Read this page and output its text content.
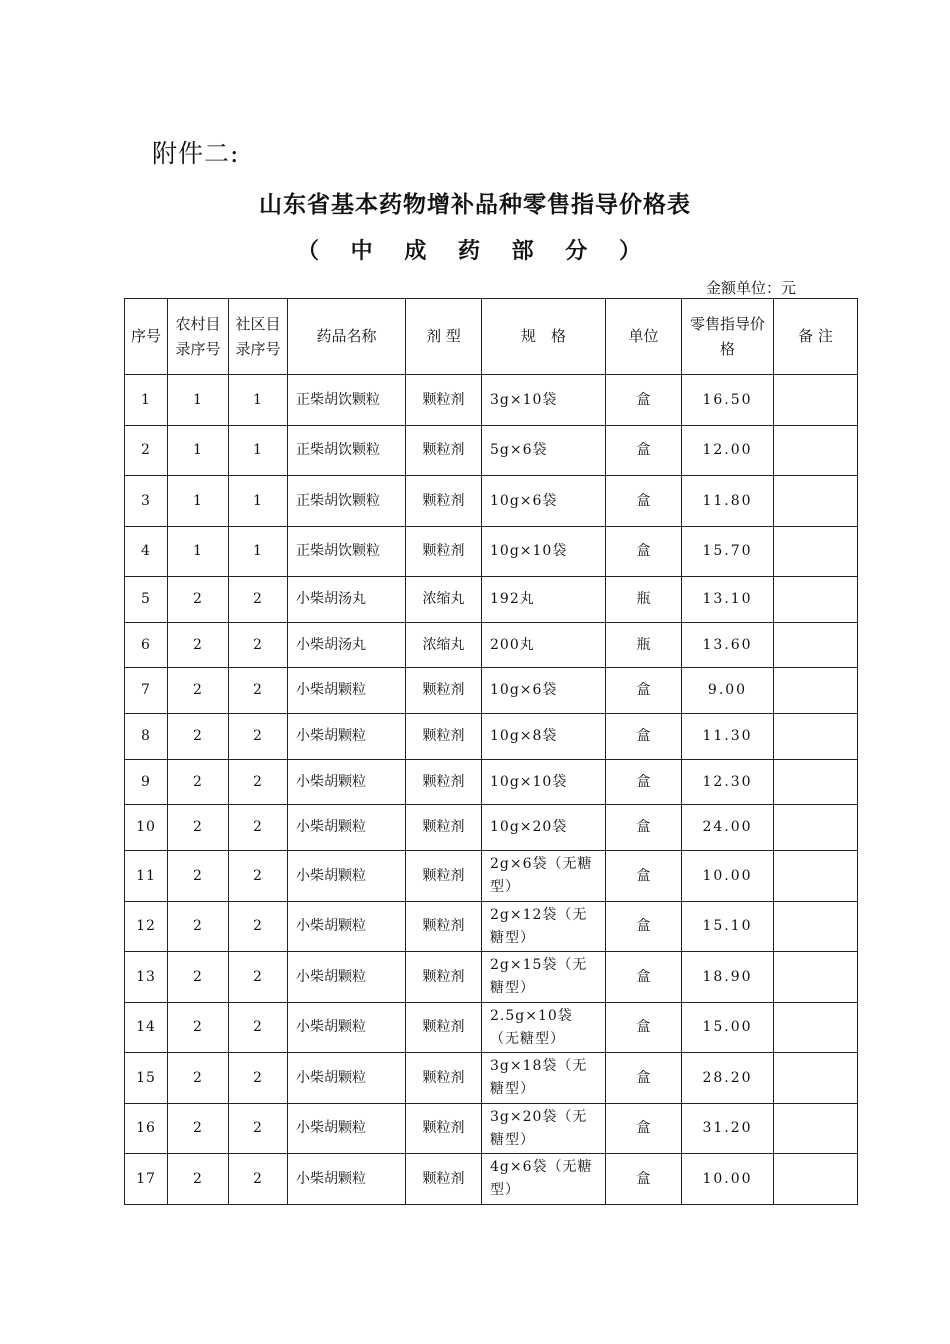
附件二:
山东省基本药物增补品种零售指导价格表
（ 中 成 药 部 分 ）
金额单位：元
序号	农村目录序号	社区目录序号	药品名称	剂 型	规　格	单位	零售指导价格	备 注
1	1	1	正柴胡饮颗粒	颗粒剂	3g×10袋	盒	16.50	
2	1	1	正柴胡饮颗粒	颗粒剂	5g×6袋	盒	12.00	
3	1	1	正柴胡饮颗粒	颗粒剂	10g×6袋	盒	11.80	
4	1	1	正柴胡饮颗粒	颗粒剂	10g×10袋	盒	15.70	
5	2	2	小柴胡汤丸	浓缩丸	192丸	瓶	13.10	
6	2	2	小柴胡汤丸	浓缩丸	200丸	瓶	13.60	
7	2	2	小柴胡颗粒	颗粒剂	10g×6袋	盒	9.00	
8	2	2	小柴胡颗粒	颗粒剂	10g×8袋	盒	11.30	
9	2	2	小柴胡颗粒	颗粒剂	10g×10袋	盒	12.30	
10	2	2	小柴胡颗粒	颗粒剂	10g×20袋	盒	24.00	
11	2	2	小柴胡颗粒	颗粒剂	2g×6袋（无糖型）	盒	10.00	
12	2	2	小柴胡颗粒	颗粒剂	2g×12袋（无糖型）	盒	15.10	
13	2	2	小柴胡颗粒	颗粒剂	2g×15袋（无糖型）	盒	18.90	
14	2	2	小柴胡颗粒	颗粒剂	2.5g×10袋（无糖型）	盒	15.00	
15	2	2	小柴胡颗粒	颗粒剂	3g×18袋（无糖型）	盒	28.20	
16	2	2	小柴胡颗粒	颗粒剂	3g×20袋（无糖型）	盒	31.20	
17	2	2	小柴胡颗粒	颗粒剂	4g×6袋（无糖型）	盒	10.00	
